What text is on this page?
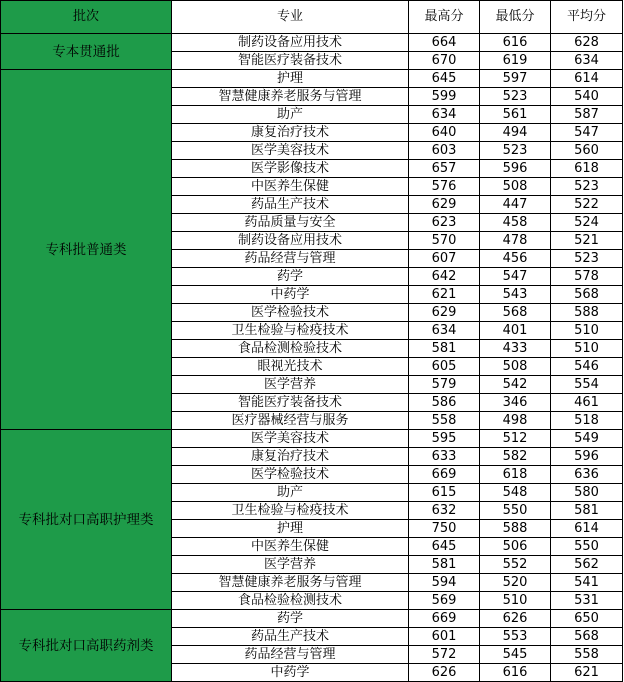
批次	专业	最高分	最低分	平均分
专本贯通批	制药设备应用技术	664	616	628
	智能医疗装备技术	670	619	634
专科批普通类	护理	645	597	614
	智慧健康养老服务与管理	599	523	540
	助产	634	561	587
	康复治疗技术	640	494	547
	医学美容技术	603	523	560
	医学影像技术	657	596	618
	中医养生保健	576	508	523
	药品生产技术	629	447	522
	药品质量与安全	623	458	524
	制药设备应用技术	570	478	521
	药品经营与管理	607	456	523
	药学	642	547	578
	中药学	621	543	568
	医学检验技术	629	568	588
	卫生检验与检疫技术	634	401	510
	食品检测检验技术	581	433	510
	眼视光技术	605	508	546
	医学营养	579	542	554
	智能医疗装备技术	586	346	461
	医疗器械经营与服务	558	498	518
专科批对口高职护理类	医学美容技术	595	512	549
	康复治疗技术	633	582	596
	医学检验技术	669	618	636
	助产	615	548	580
	卫生检验与检疫技术	632	550	581
	护理	750	588	614
	中医养生保健	645	506	550
	医学营养	581	552	562
	智慧健康养老服务与管理	594	520	541
	食品检验检测技术	569	510	531
专科批对口高职药剂类	药学	669	626	650
	药品生产技术	601	553	568
	药品经营与管理	572	545	558
	中药学	626	616	621
